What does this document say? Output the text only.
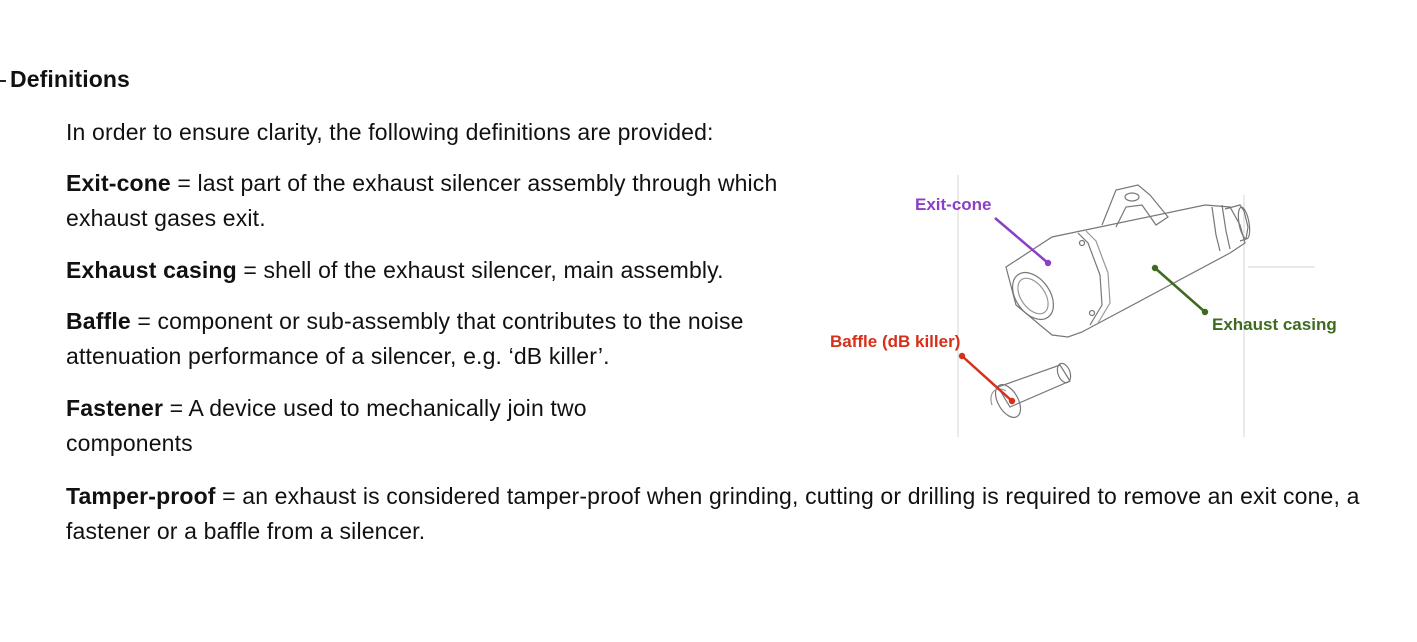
Definitions
In order to ensure clarity, the following definitions are provided:
Exit-cone = last part of the exhaust silencer assembly through which exhaust gases exit.
Exhaust casing = shell of the exhaust silencer, main assembly.
Baffle = component or sub-assembly that contributes to the noise attenuation performance of a silencer, e.g. ‘dB killer’.
Fastener = A device used to mechanically join two components
Tamper-proof = an exhaust is considered tamper-proof when grinding, cutting or drilling is required to remove an exit cone, a fastener or a baffle from a silencer.
Exit-cone
Exhaust casing
Baffle (dB killer)
